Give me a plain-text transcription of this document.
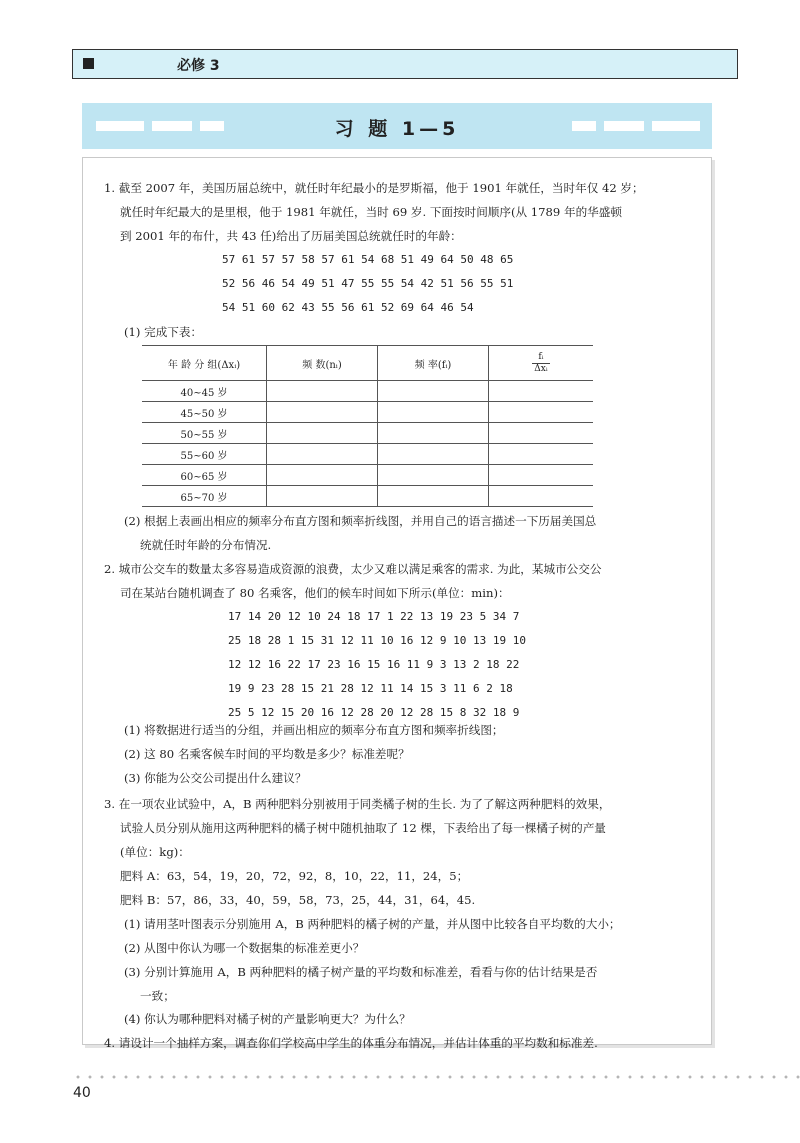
必修 3
习 题 1—5
1. 截至 2007 年，美国历届总统中，就任时年纪最小的是罗斯福，他于 1901 年就任，当时年仅 42 岁；
就任时年纪最大的是里根，他于 1981 年就任，当时 69 岁. 下面按时间顺序(从 1789 年的华盛顿
到 2001 年的布什，共 43 任)给出了历届美国总统就任时的年龄：
57 61 57 57 58 57 61 54 68 51 49 64 50 48 65
52 56 46 54 49 51 47 55 55 54 42 51 56 55 51
54 51 60 62 43 55 56 61 52 69 64 46 54
(1) 完成下表：
年 龄 分 组(Δxᵢ)	频 数(nᵢ)	频 率(fᵢ)	$\frac{\text{fᵢ}}{\text{Δxᵢ}}$

40~45 岁			
45~50 岁			
50~55 岁			
55~60 岁			
60~65 岁			
65~70 岁			
(2) 根据上表画出相应的频率分布直方图和频率折线图，并用自己的语言描述一下历届美国总
统就任时年龄的分布情况.
2. 城市公交车的数量太多容易造成资源的浪费，太少又难以满足乘客的需求. 为此，某城市公交公
司在某站台随机调查了 80 名乘客，他们的候车时间如下所示(单位：min)：
17 14 20 12 10 24 18 17 1 22 13 19 23 5 34 7
25 18 28 1 15 31 12 11 10 16 12 9 10 13 19 10
12 12 16 22 17 23 16 15 16 11 9 3 13 2 18 22
19 9 23 28 15 21 28 12 11 14 15 3 11 6 2 18
25 5 12 15 20 16 12 28 20 12 28 15 8 32 18 9
(1) 将数据进行适当的分组，并画出相应的频率分布直方图和频率折线图；
(2) 这 80 名乘客候车时间的平均数是多少？标准差呢？
(3) 你能为公交公司提出什么建议？
3. 在一项农业试验中，A，B 两种肥料分别被用于同类橘子树的生长. 为了了解这两种肥料的效果，
试验人员分别从施用这两种肥料的橘子树中随机抽取了 12 棵，下表给出了每一棵橘子树的产量
(单位：kg)：
肥料 A：63，54，19，20，72，92，8，10，22，11，24，5；
肥料 B：57，86，33，40，59，58，73，25，44，31，64，45.
(1) 请用茎叶图表示分别施用 A，B 两种肥料的橘子树的产量，并从图中比较各自平均数的大小；
(2) 从图中你认为哪一个数据集的标准差更小？
(3) 分别计算施用 A，B 两种肥料的橘子树产量的平均数和标准差，看看与你的估计结果是否
一致；
(4) 你认为哪种肥料对橘子树的产量影响更大？为什么？
4. 请设计一个抽样方案，调查你们学校高中学生的体重分布情况，并估计体重的平均数和标准差.
40
